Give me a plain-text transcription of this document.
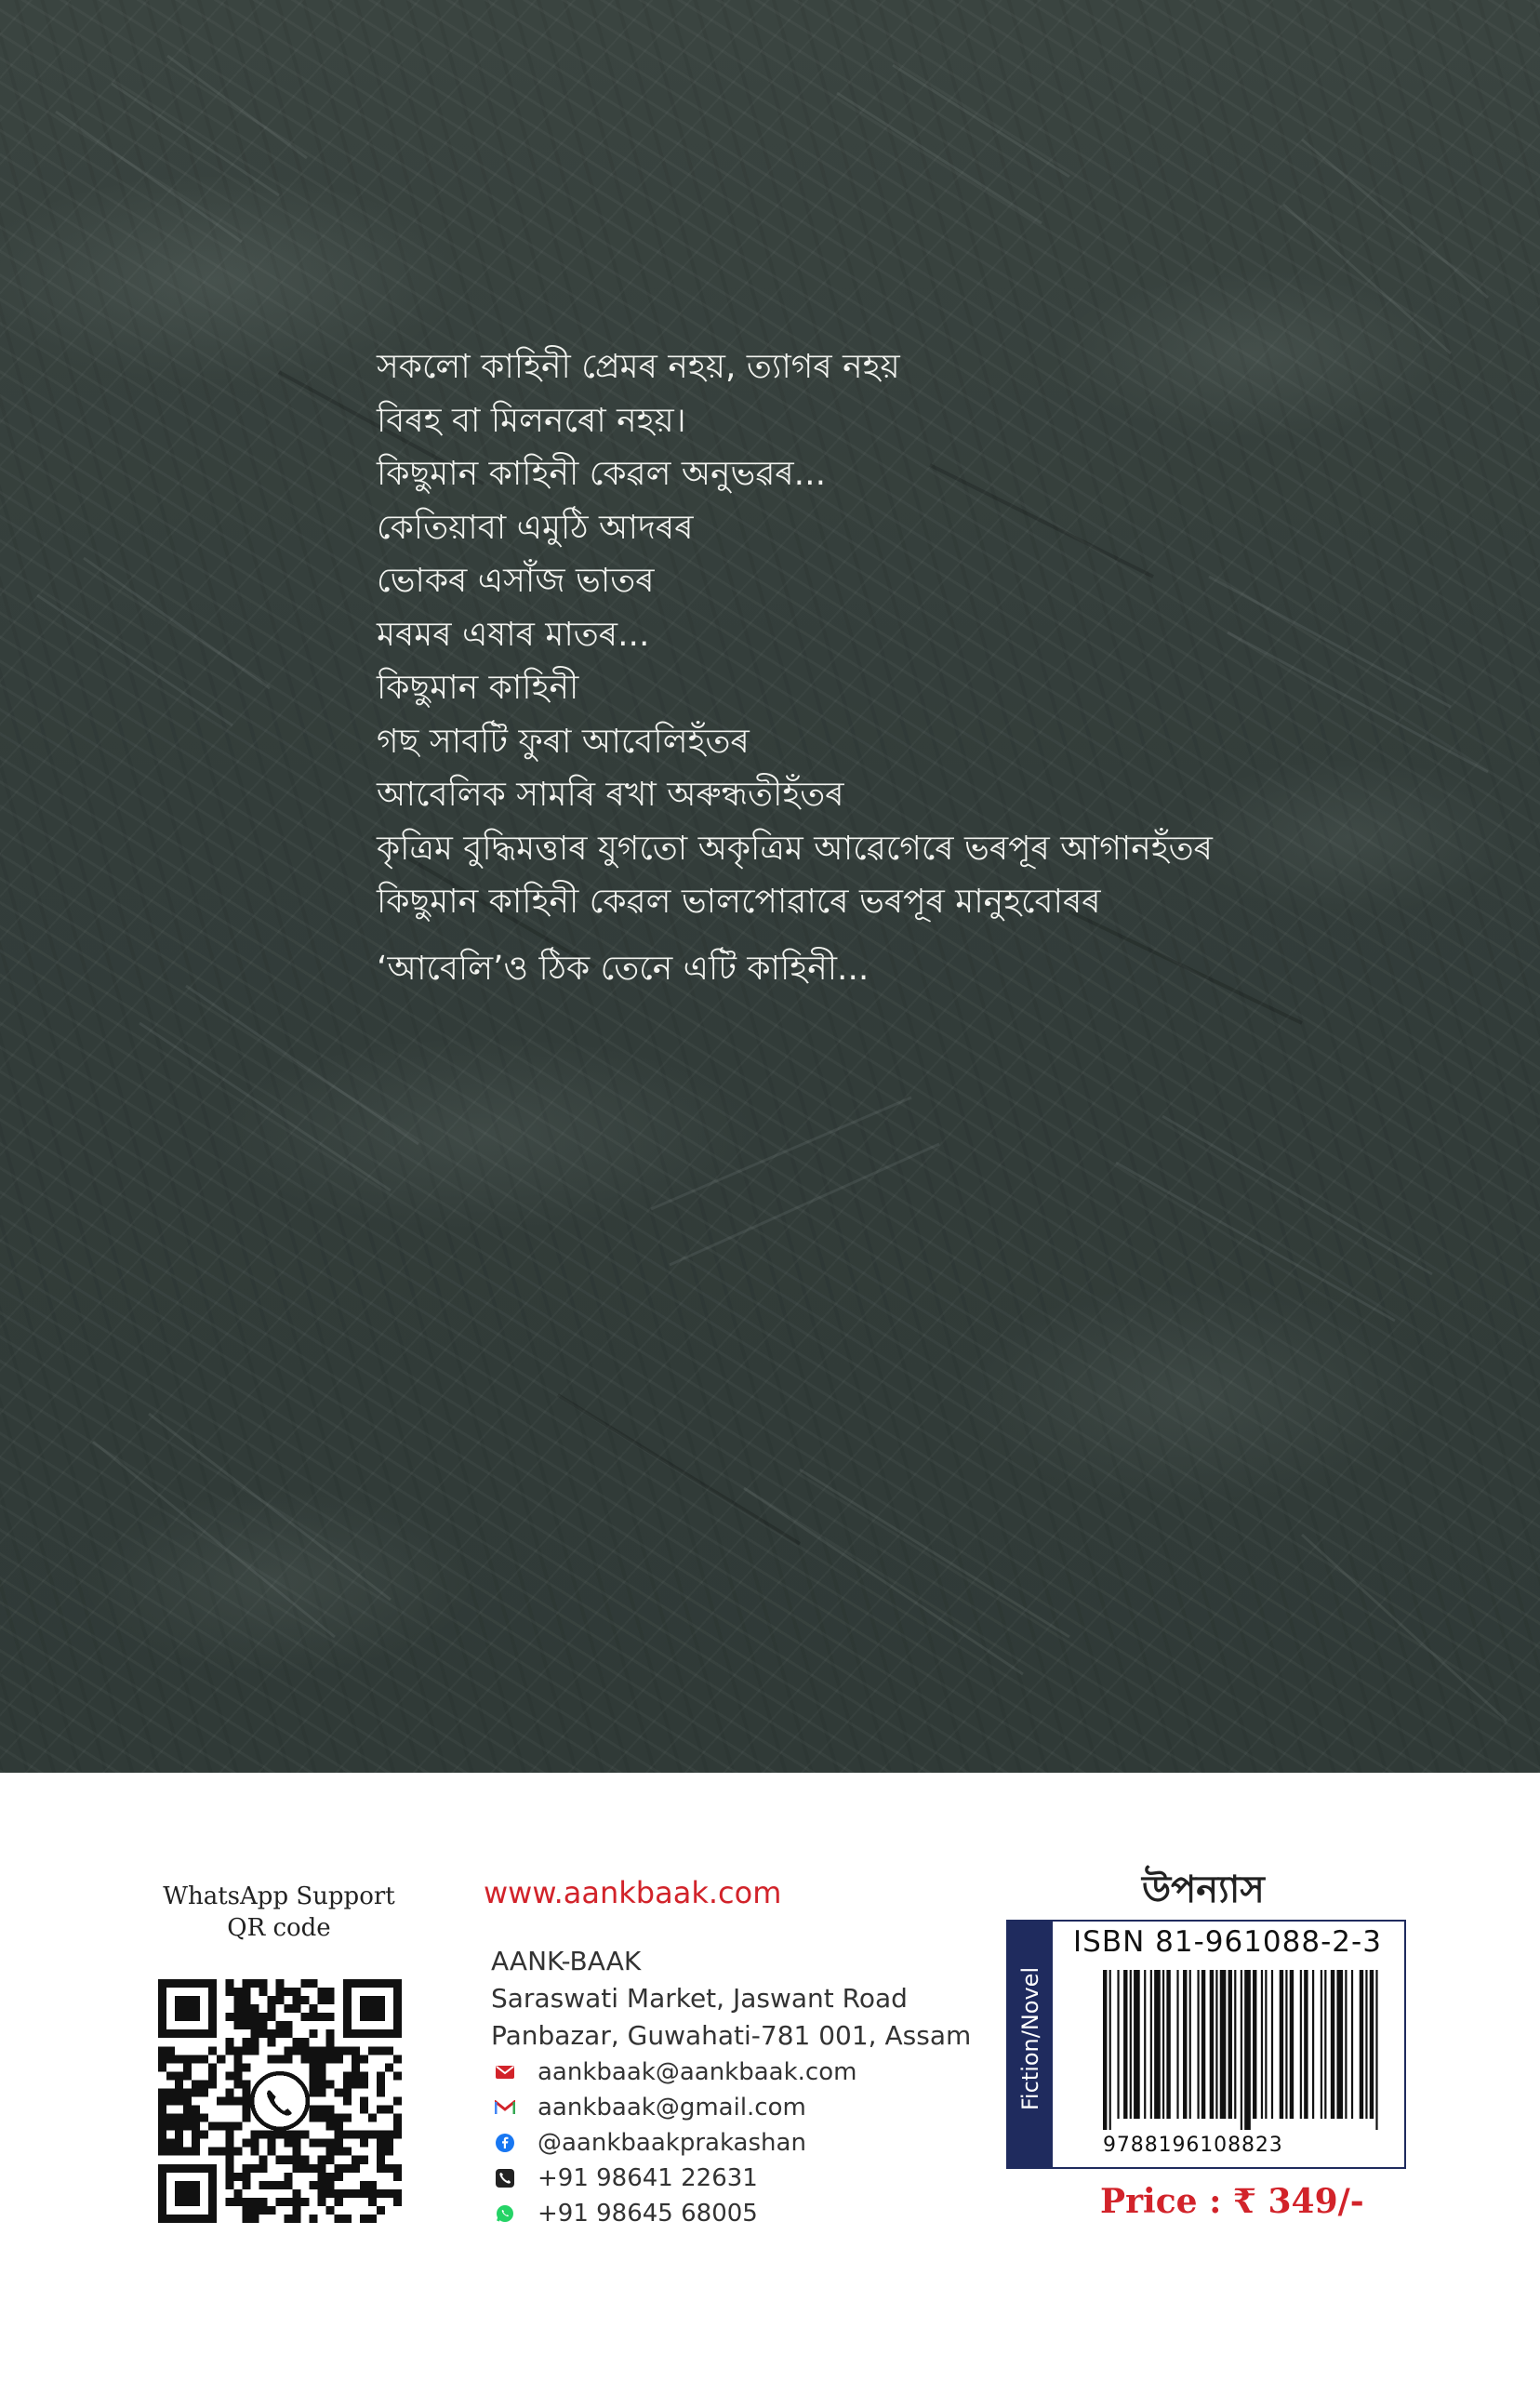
সকলো কাহিনী প্ৰেমৰ নহয়, ত্যাগৰ নহয়
বিৰহ বা মিলনৰো নহয়।
কিছুমান কাহিনী কেৱল অনুভৱৰ...
কেতিয়াবা এমুঠি আদৰৰ
ভোকৰ এসাঁজ ভাতৰ
মৰমৰ এষাৰ মাতৰ...
কিছুমান কাহিনী
গছ সাবটি ফুৰা আবেলিহঁতৰ
আবেলিক সামৰি ৰখা অৰুন্ধতীহঁতৰ
কৃত্ৰিম বুদ্ধিমত্তাৰ যুগতো অকৃত্ৰিম আৱেগেৰে ভৰপূৰ আগানহঁতৰ
কিছুমান কাহিনী কেৱল ভালপোৱাৰে ভৰপূৰ মানুহবোৰৰ
‘আবেলি’ও ঠিক তেনে এটি কাহিনী...
WhatsApp Support
QR code
www.aankbaak.com
AANK-BAAK
Saraswati Market, Jaswant Road
Panbazar, Guwahati-781 001, Assam
aankbaak@aankbaak.com
aankbaak@gmail.com
@aankbaakprakashan
+91 98641 22631
+91 98645 68005
উপন্যাস
Fiction/Novel
ISBN 81-961088-2-3
9788196108823
Price : ₹ 349/-
